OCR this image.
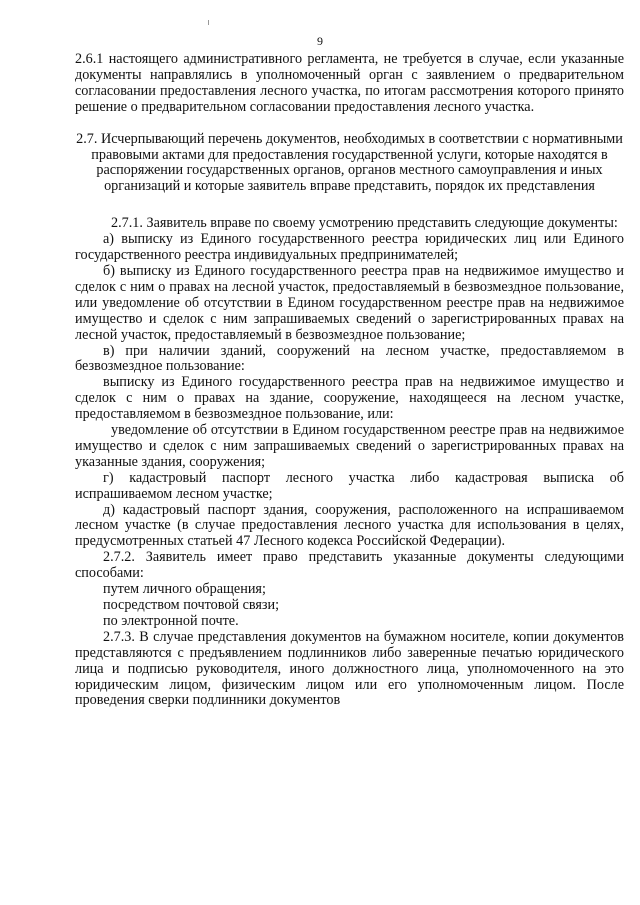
9

2.6.1 настоящего административного регламента, не требуется в случае, если указанные документы направлялись в уполномоченный орган с заявлением о предварительном согласовании предоставления лесного участка, по итогам рассмотрения которого принято решение о предварительном согласовании предоставления лесного участка.

2.7. Исчерпывающий перечень документов, необходимых в соответствии с нормативными правовыми актами для предоставления государственной услуги, которые находятся в распоряжении государственных органов, органов местного самоуправления и иных организаций и которые заявитель вправе представить, порядок их представления

2.7.1. Заявитель вправе по своему усмотрению представить следующие документы:

а) выписку из Единого государственного реестра юридических лиц или Единого государственного реестра индивидуальных предпринимателей;

б) выписку из Единого государственного реестра прав на недвижимое имущество и сделок с ним о правах на лесной участок, предоставляемый в безвозмездное пользование, или уведомление об отсутствии в Едином государственном реестре прав на недвижимое имущество и сделок с ним запрашиваемых сведений о зарегистрированных правах на лесной участок, предоставляемый в безвозмездное пользование;

в) при наличии зданий, сооружений на лесном участке, предоставляемом в безвозмездное пользование:

выписку из Единого государственного реестра прав на недвижимое имущество и сделок с ним о правах на здание, сооружение, находящееся на лесном участке, предоставляемом в безвозмездное пользование, или:

уведомление об отсутствии в Едином государственном реестре прав на недвижимое имущество и сделок с ним запрашиваемых сведений о зарегистрированных правах на указанные здания, сооружения;

г) кадастровый паспорт лесного участка либо кадастровая выписка об испрашиваемом лесном участке;

д) кадастровый паспорт здания, сооружения, расположенного на испрашиваемом лесном участке (в случае предоставления лесного участка для использования в целях, предусмотренных статьей 47 Лесного кодекса Российской Федерации).

2.7.2. Заявитель имеет право представить указанные документы следующими способами:

путем личного обращения;

посредством почтовой связи;

по электронной почте.

2.7.3. В случае представления документов на бумажном носителе, копии документов представляются с предъявлением подлинников либо заверенные печатью юридического лица и подписью руководителя, иного должностного лица, уполномоченного на это юридическим лицом, физическим лицом или его уполномоченным лицом. После проведения сверки подлинники документов
